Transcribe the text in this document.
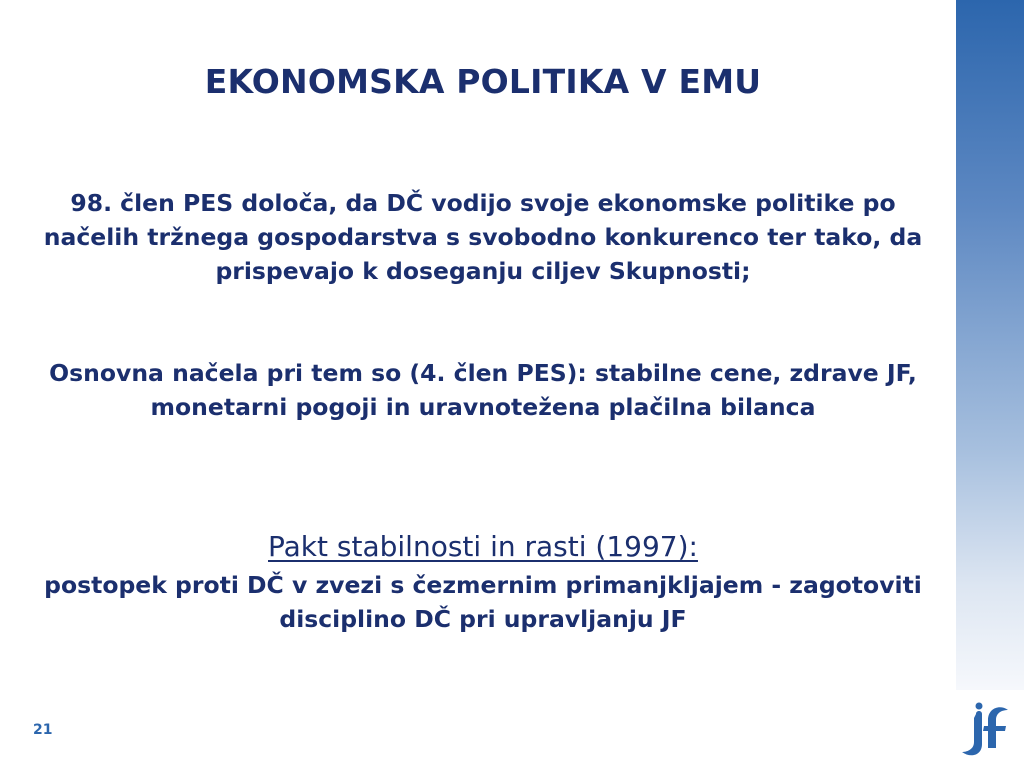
EKONOMSKA POLITIKA V EMU

98. člen PES določa, da DČ vodijo svoje ekonomske politike po načelih tržnega gospodarstva s svobodno konkurenco ter tako, da prispevajo k doseganju ciljev Skupnosti;

Osnovna načela pri tem so (4. člen PES): stabilne cene, zdrave JF, monetarni pogoji in uravnotežena plačilna bilanca

Pakt stabilnosti in rasti (1997):

postopek proti DČ v zvezi s čezmernim primanjkljajem - zagotoviti disciplino DČ pri upravljanju JF

21
